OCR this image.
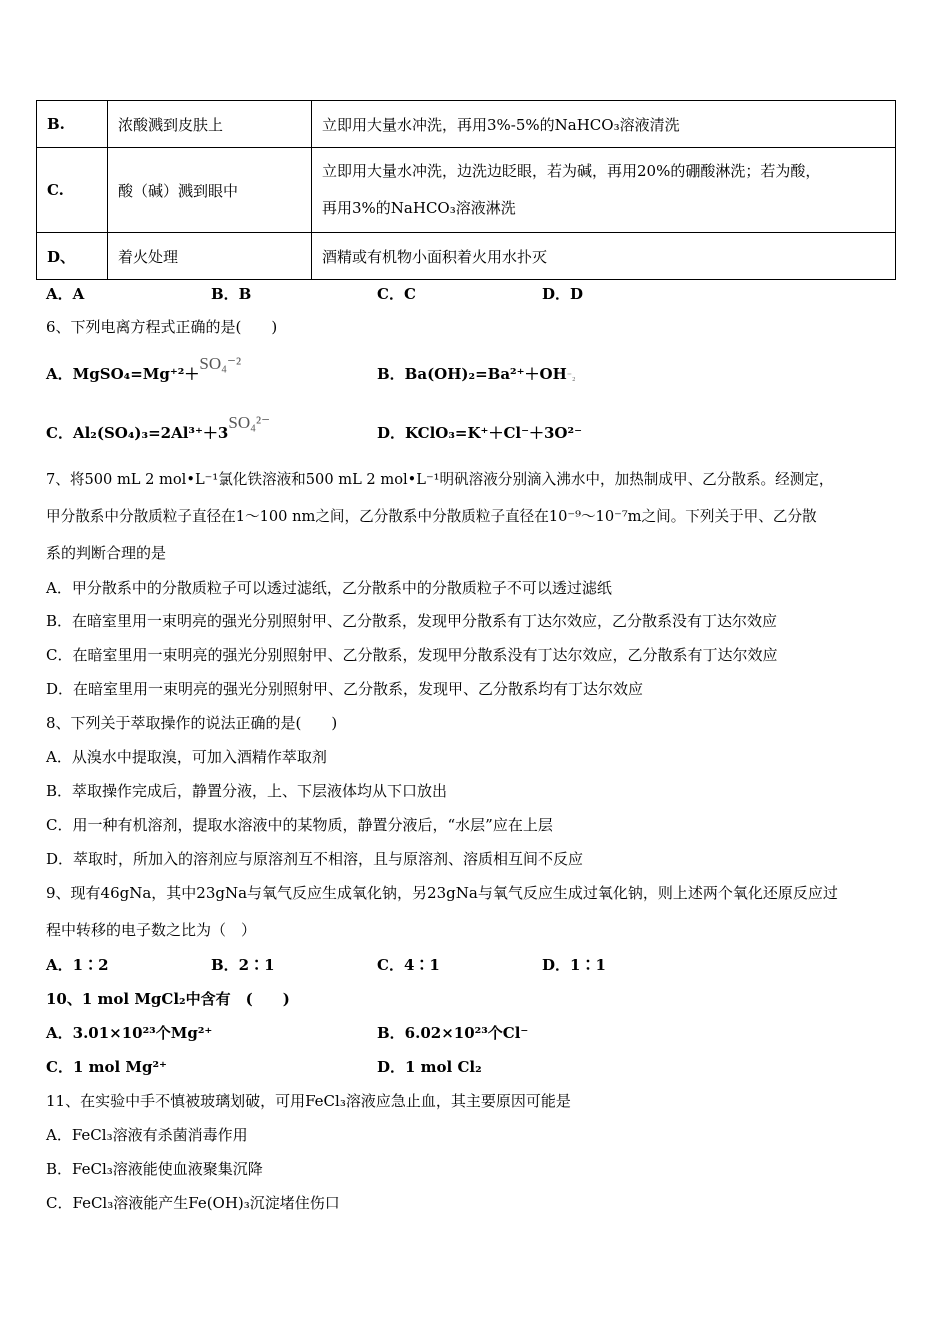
B.	浓酸溅到皮肤上	立即用大量水冲洗，再用3%-5%的NaHCO₃溶液清洗
C.	酸（碱）溅到眼中	立即用大量水冲洗，边洗边眨眼，若为碱，再用20%的硼酸淋洗；若为酸，
再用3%的NaHCO₃溶液淋洗
D、	着火处理	酒精或有机物小面积着火用水扑灭
A．A	B．B	C．C	D．D
6、下列电离方程式正确的是(　　)
A．MgSO₄=Mg⁺²＋SO₄⁻²
B．Ba(OH)₂=Ba²⁺＋OH⁻₂
C．Al₂(SO₄)₃=2Al³⁺＋3SO₄²⁻
D．KClO₃=K⁺＋Cl⁻＋3O²⁻
7、将500 mL 2 mol•L⁻¹氯化铁溶液和500 mL 2 mol•L⁻¹明矾溶液分别滴入沸水中，加热制成甲、乙分散系。经测定，
甲分散系中分散质粒子直径在1～100 nm之间，乙分散系中分散质粒子直径在10⁻⁹～10⁻⁷m之间。下列关于甲、乙分散
系的判断合理的是
A．甲分散系中的分散质粒子可以透过滤纸，乙分散系中的分散质粒子不可以透过滤纸
B．在暗室里用一束明亮的强光分别照射甲、乙分散系，发现甲分散系有丁达尔效应，乙分散系没有丁达尔效应
C．在暗室里用一束明亮的强光分别照射甲、乙分散系，发现甲分散系没有丁达尔效应，乙分散系有丁达尔效应
D．在暗室里用一束明亮的强光分别照射甲、乙分散系，发现甲、乙分散系均有丁达尔效应
8、下列关于萃取操作的说法正确的是(　　)
A．从溴水中提取溴，可加入酒精作萃取剂
B．萃取操作完成后，静置分液，上、下层液体均从下口放出
C．用一种有机溶剂，提取水溶液中的某物质，静置分液后，“水层”应在上层
D．萃取时，所加入的溶剂应与原溶剂互不相溶，且与原溶剂、溶质相互间不反应
9、现有46gNa，其中23gNa与氧气反应生成氧化钠，另23gNa与氧气反应生成过氧化钠，则上述两个氧化还原反应过
程中转移的电子数之比为（　）
A．1∶2	B．2∶1	C．4∶1	D．1∶1
10、1 mol MgCl₂中含有　(　　)
A．3.01×10²³个Mg²⁺	B．6.02×10²³个Cl⁻
C．1 mol Mg²⁺	D．1 mol Cl₂
11、在实验中手不慎被玻璃划破，可用FeCl₃溶液应急止血，其主要原因可能是
A．FeCl₃溶液有杀菌消毒作用
B．FeCl₃溶液能使血液聚集沉降
C．FeCl₃溶液能产生Fe(OH)₃沉淀堵住伤口
